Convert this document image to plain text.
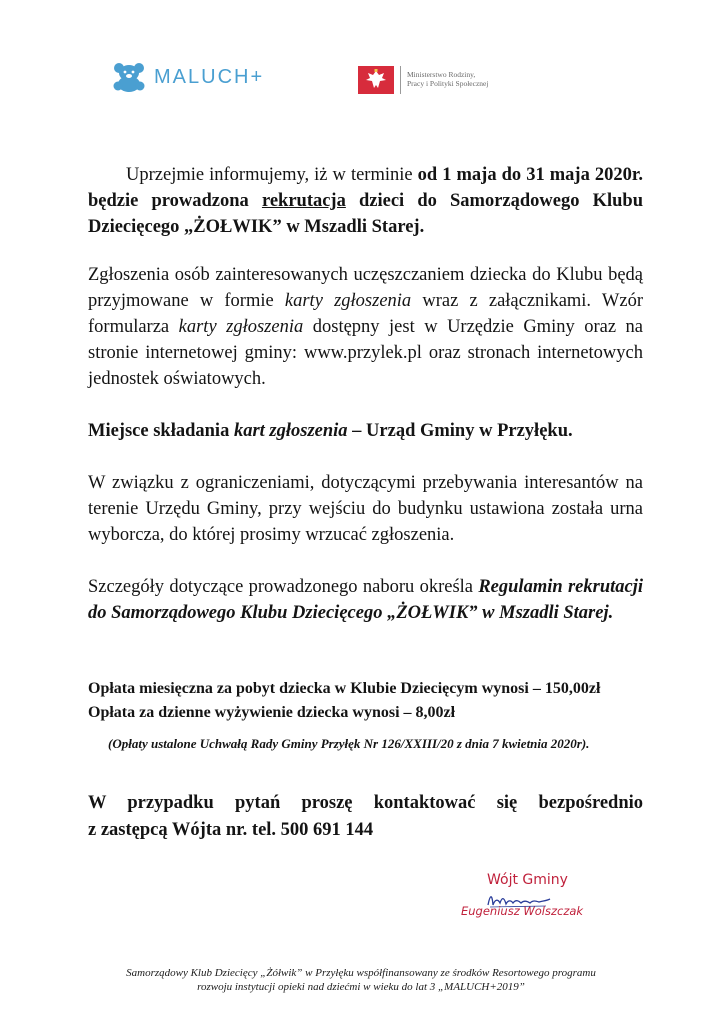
MALUCH+	Ministerstwo Rodziny,
Pracy i Polityki Społecznej

Uprzejmie informujemy, iż w terminie od 1 maja do 31 maja 2020r. będzie prowadzona rekrutacja dzieci do Samorządowego Klubu Dziecięcego „ŻOŁWIK” w Mszadli Starej.

Zgłoszenia osób zainteresowanych uczęszczaniem dziecka do Klubu będą przyjmowane w formie karty zgłoszenia wraz z załącznikami. Wzór formularza karty zgłoszenia dostępny jest w Urzędzie Gminy oraz na stronie internetowej gminy: www.przylek.pl oraz stronach internetowych jednostek oświatowych.

Miejsce składania kart zgłoszenia – Urząd Gminy w Przyłęku.

W związku z ograniczeniami, dotyczącymi przebywania interesantów na terenie Urzędu Gminy, przy wejściu do budynku ustawiona została urna wyborcza, do której prosimy wrzucać zgłoszenia.

Szczegóły dotyczące prowadzonego naboru określa Regulamin rekrutacji do Samorządowego Klubu Dziecięcego „ŻOŁWIK” w Mszadli Starej.

Opłata miesięczna za pobyt dziecka w Klubie Dziecięcym wynosi – 150,00zł
Opłata za dzienne wyżywienie dziecka wynosi – 8,00zł
(Opłaty ustalone Uchwałą Rady Gminy Przyłęk Nr 126/XXIII/20 z dnia 7 kwietnia 2020r).
W przypadku pytań proszę kontaktować się bezpośrednio
z zastępcą Wójta nr. tel. 500 691 144
Wójt Gminy
Eugeniusz Wolszczak

Samorządowy Klub Dziecięcy „Żółwik” w Przyłęku współfinansowany ze środków Resortowego programu

rozwoju instytucji opieki nad dziećmi w wieku do lat 3 „MALUCH+2019”
